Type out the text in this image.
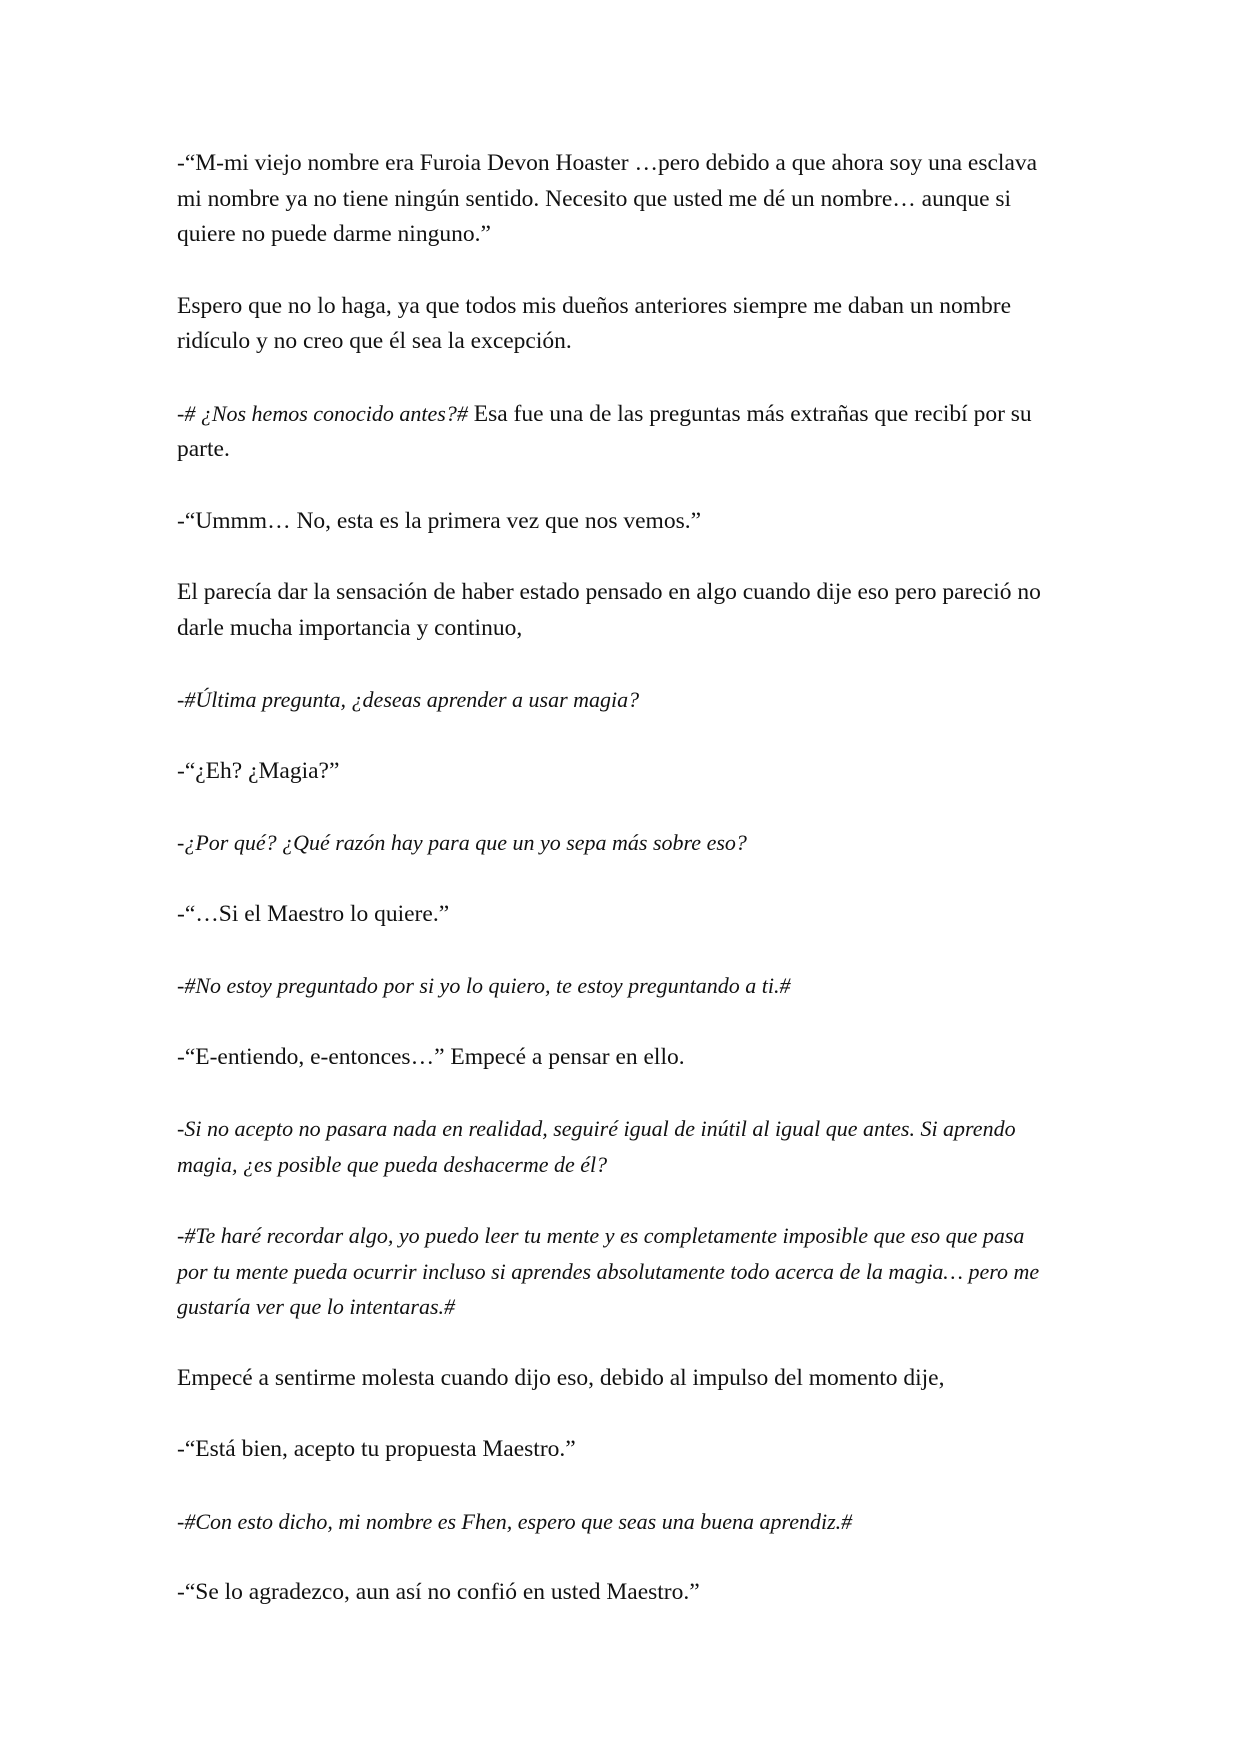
-“M-mi viejo nombre era Furoia Devon Hoaster …pero debido a que ahora soy una esclava mi nombre ya no tiene ningún sentido. Necesito que usted me dé un nombre… aunque si quiere no puede darme ninguno.”

Espero que no lo haga, ya que todos mis dueños anteriores siempre me daban un nombre ridículo y no creo que él sea la excepción.

-# ¿Nos hemos conocido antes?# Esa fue una de las preguntas más extrañas que recibí por su parte.

-“Ummm… No, esta es la primera vez que nos vemos.”

El parecía dar la sensación de haber estado pensado en algo cuando dije eso pero pareció no darle mucha importancia y continuo,

-#Última pregunta, ¿deseas aprender a usar magia?

-“¿Eh? ¿Magia?”

-¿Por qué? ¿Qué razón hay para que un yo sepa más sobre eso?

-“…Si el Maestro lo quiere.”

-#No estoy preguntado por si yo lo quiero, te estoy preguntando a ti.#

-“E-entiendo, e-entonces…” Empecé a pensar en ello.

-Si no acepto no pasara nada en realidad, seguiré igual de inútil al igual que antes. Si aprendo magia, ¿es posible que pueda deshacerme de él?

-#Te haré recordar algo, yo puedo leer tu mente y es completamente imposible que eso que pasa por tu mente pueda ocurrir incluso si aprendes absolutamente todo acerca de la magia… pero me gustaría ver que lo intentaras.#

Empecé a sentirme molesta cuando dijo eso, debido al impulso del momento dije,

-“Está bien, acepto tu propuesta Maestro.”

-#Con esto dicho, mi nombre es Fhen, espero que seas una buena aprendiz.#

-“Se lo agradezco, aun así no confió en usted Maestro.”
